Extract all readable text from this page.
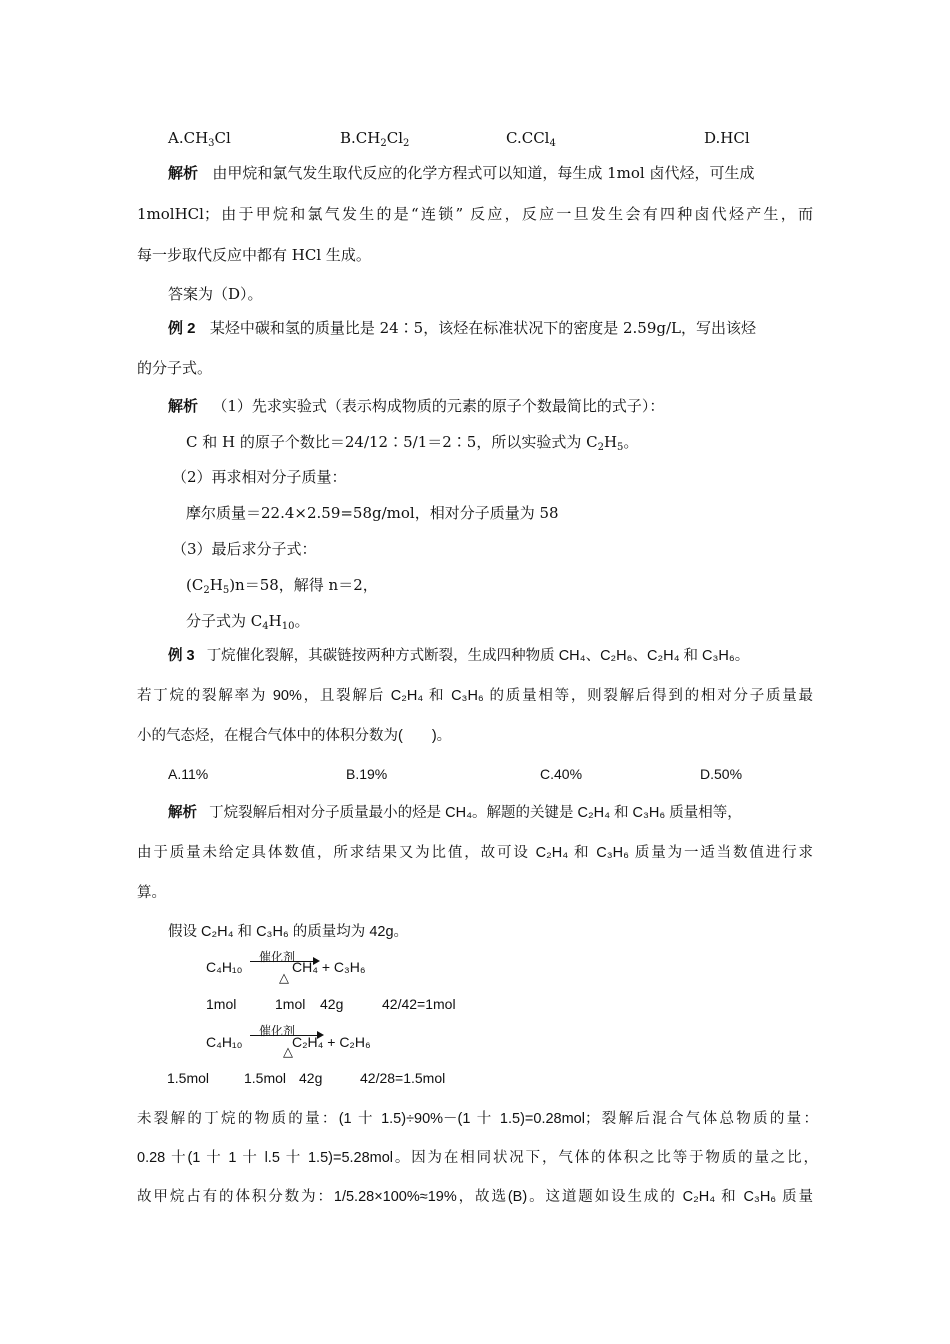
$A.CH_3Cl$	$B.CH_2Cl_2$	C.CCl$_4$	D.HCl
解析 由甲烷和氯气发生取代反应的化学方程式可以知道，每生成 1mol 卤代烃，可生成
1molHCl；由于甲烷和氯气发生的是“连锁” 反应，反应一旦发生会有四种卤代烃产生，而
每一步取代反应中都有 HCl 生成。
答案为（D）。
例 2 某烃中碳和氢的质量比是 24∶5，该烃在标准状况下的密度是 2.59g/L，写出该烃
的分子式。
解析 （1）先求实验式（表示构成物质的元素的原子个数最简比的式子）：
C 和 H 的原子个数比＝24/12∶5/1＝2∶5，所以实验式为 $C_2H_5$。
（2）再求相对分子质量：
摩尔质量＝22.4×2.59=58g/mol，相对分子质量为 58
（3）最后求分子式：
$(C_2H_5)n=58$，解得 n＝2，
分子式为 $C_4H_{10}$。
例 3 丁烷催化裂解，其碳链按两种方式断裂，生成四种物质 CH₄、C₂H₆、C₂H₄ 和 C₃H₆。
若丁烷的裂解率为 90%，且裂解后 C₂H₄ 和 C₃H₆ 的质量相等，则裂解后得到的相对分子质量最
小的气态烃，在棍合气体中的体积分数为(　　)。
A.11%	B.19%	C.40%	D.50%
解析 丁烷裂解后相对分子质量最小的烃是 CH₄。解题的关键是 C₂H₄ 和 C₃H₆ 质量相等，
由于质量未给定具体数值，所求结果又为比值，故可设 C₂H₄ 和 C₃H₆ 质量为一适当数值进行求
算。
假设 C₂H₄ 和 C₃H₆ 的质量均为 42g。
C₄H₁₀
催化剂
△
CH₄ + C₃H₆
1mol	1mol 42g	42/42=1mol
C₄H₁₀
催化剂
△
C₂H₄ + C₂H₆
1.5mol 1.5mol 42g	42/28=1.5mol
未裂解的丁烷的物质的量：(1 十 1.5)÷90%－(1 十 1.5)=0.28mol；裂解后混合气体总物质的量：
0.28 十(1 十 1 十 l.5 十 1.5)=5.28mol。因为在相同状况下，气体的体积之比等于物质的量之比，
故甲烷占有的体积分数为：1/5.28×100%≈19%，故选(B)。这道题如设生成的 C₂H₄ 和 C₃H₆ 质量
